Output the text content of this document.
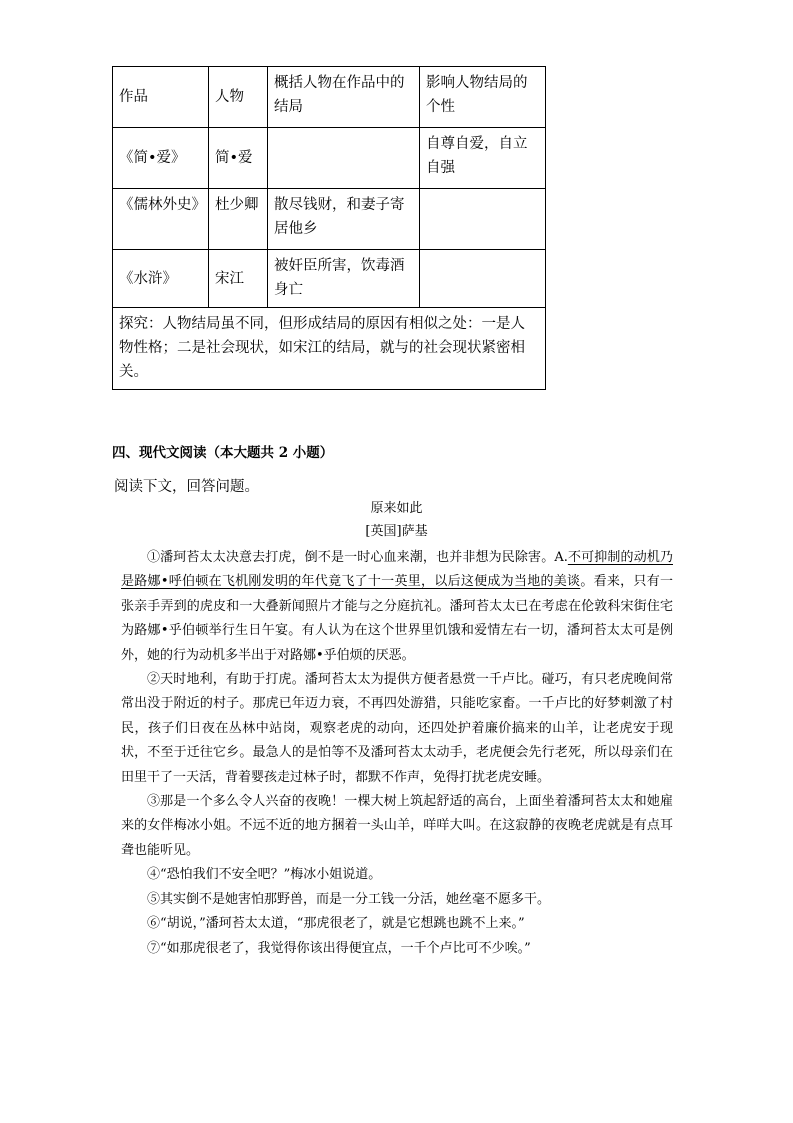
作品	人物	概括人物在作品中的结局	影响人物结局的个性
《简•爱》	简•爱		自尊自爱，自立自强
《儒林外史》	杜少卿	散尽钱财，和妻子寄居他乡	
《水浒》	宋江	被奸臣所害，饮毒酒身亡	
探究：人物结局虽不同，但形成结局的原因有相似之处：一是人物性格；二是社会现状，如宋江的结局，就与的社会现状紧密相关。			
四、现代文阅读（本大题共 2 小题）
阅读下文，回答问题。
原来如此
[英国]萨基

①潘珂苔太太决意去打虎，倒不是一时心血来潮，也并非想为民除害。A.不可抑制的动机乃是路娜•呼伯顿在飞机刚发明的年代竟飞了十一英里，以后这便成为当地的美谈。看来，只有一张亲手弄到的虎皮和一大叠新闻照片才能与之分庭抗礼。潘珂苔太太已在考虑在伦敦科宋街住宅为路娜•乎伯顿举行生日午宴。有人认为在这个世界里饥饿和爱情左右一切，潘珂苔太太可是例外，她的行为动机多半出于对路娜•乎伯烦的厌恶。

②天时地利，有助于打虎。潘珂苔太太为提供方便者悬赏一千卢比。碰巧，有只老虎晚间常常出没于附近的村子。那虎已年迈力衰，不再四处游猎，只能吃家畜。一千卢比的好梦刺激了村民，孩子们日夜在丛林中站岗，观察老虎的动向，还四处护着廉价搞来的山羊，让老虎安于现状，不至于迁往它乡。最急人的是怕等不及潘珂苔太太动手，老虎便会先行老死，所以母亲们在田里干了一天活，背着婴孩走过林子时，都默不作声，免得打扰老虎安睡。

③那是一个多么令人兴奋的夜晚！一棵大树上筑起舒适的高台，上面坐着潘珂苔太太和她雇来的女伴梅冰小姐。不远不近的地方捆着一头山羊，咩咩大叫。在这寂静的夜晚老虎就是有点耳聋也能听见。

④“恐怕我们不安全吧？”梅冰小姐说道。

⑤其实倒不是她害怕那野兽，而是一分工钱一分活，她丝毫不愿多干。

⑥“胡说，”潘珂苔太太道，“那虎很老了，就是它想跳也跳不上来。”

⑦“如那虎很老了，我觉得你该出得便宜点，一千个卢比可不少唉。”
